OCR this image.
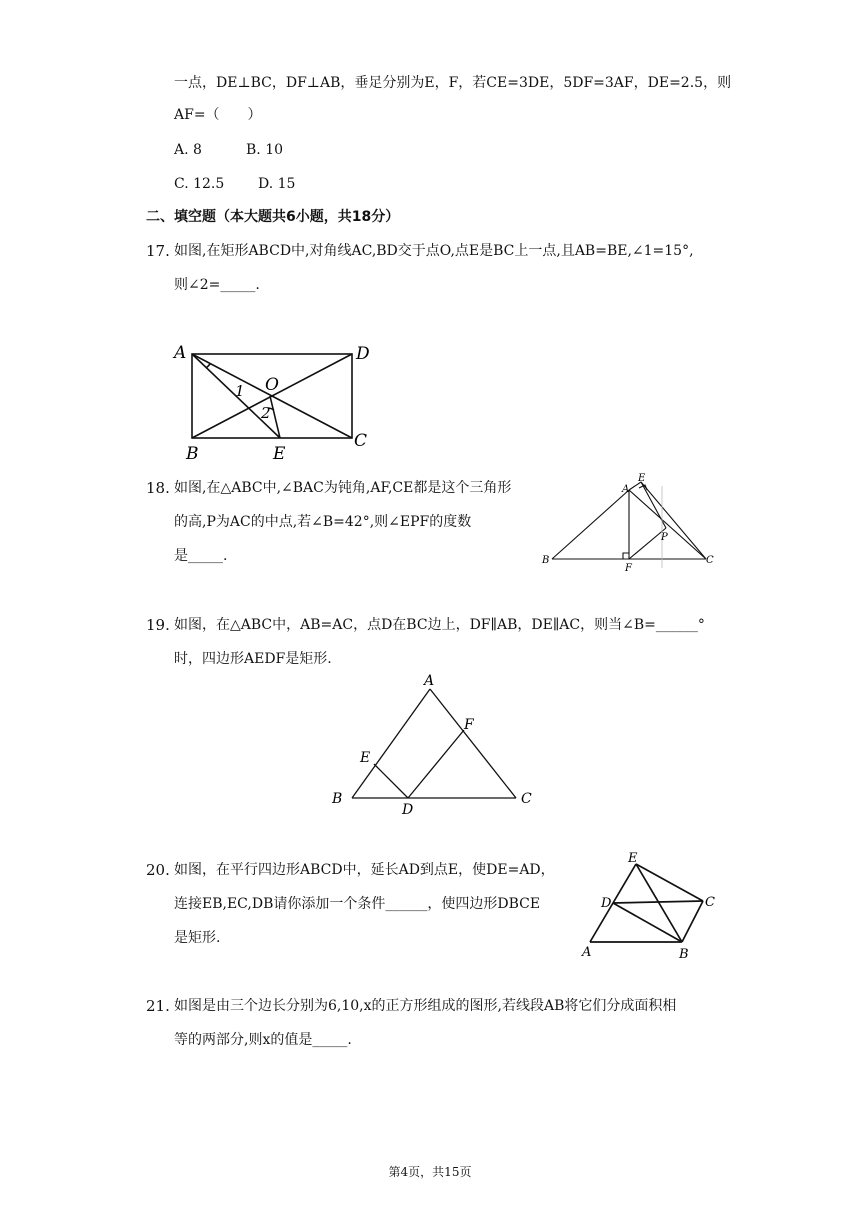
一点，DE⊥BC，DF⊥AB，垂足分别为E，F，若CE=3DE，5DF=3AF，DE=2.5，则
AF=（　　）
A. 8	B. 10
C. 12.5 D. 15
二、填空题（本大题共6小题，共18分）
17. 如图,在矩形ABCD中,对角线AC,BD交于点O,点E是BC上一点,且AB=BE,∠1=15°,
则∠2=_____.
A	D
O
1
2
B	E
C
18. 如图,在△ABC中,∠BAC为钝角,AF,CE都是这个三角形
的高,P为AC的中点,若∠B=42°,则∠EPF的度数
是_____.
A
E
P
B
F
C
19. 如图，在△ABC中，AB=AC，点D在BC边上，DF∥AB，DE∥AC，则当∠B=______°
时，四边形AEDF是矩形.
A
F
E
B
D
C
20. 如图，在平行四边形ABCD中，延长AD到点E，使DE=AD，
连接EB,EC,DB请你添加一个条件______，使四边形DBCE
是矩形.
E
D	C
A	B
21. 如图是由三个边长分别为6,10,x的正方形组成的图形,若线段AB将它们分成面积相
等的两部分,则x的值是_____.
第4页，共15页
